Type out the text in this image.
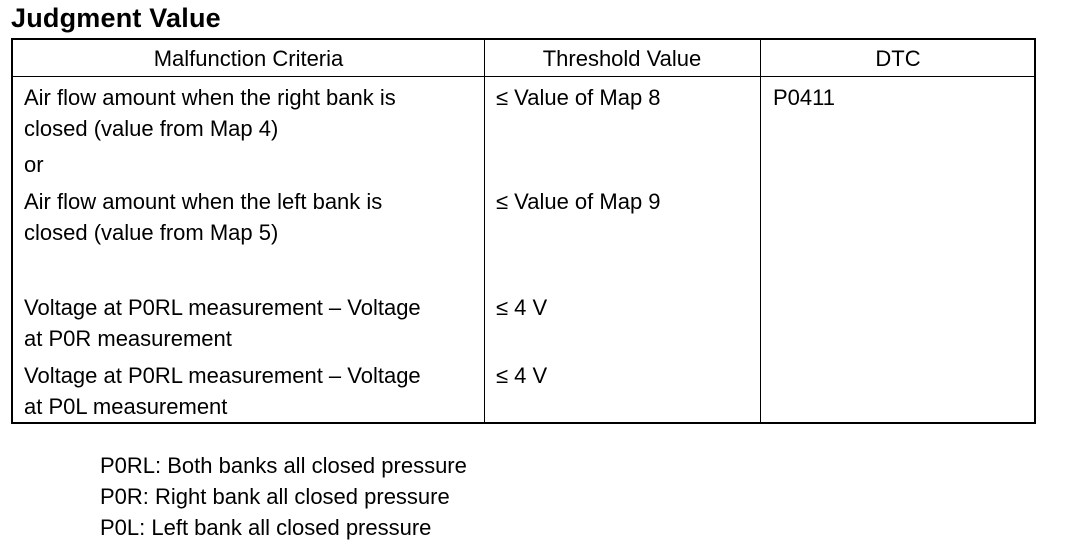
Judgment Value
Malfunction Criteria	Threshold Value	DTC
Air flow amount when the right bank is
closed (value from Map 4)
≤ Value of Map 8	P0411
or
Air flow amount when the left bank is
closed (value from Map 5)
≤ Value of Map 9
Voltage at P0RL measurement – Voltage
at P0R measurement
≤ 4 V
Voltage at P0RL measurement – Voltage
at P0L measurement
≤ 4 V
P0RL: Both banks all closed pressure
P0R: Right bank all closed pressure
P0L: Left bank all closed pressure
